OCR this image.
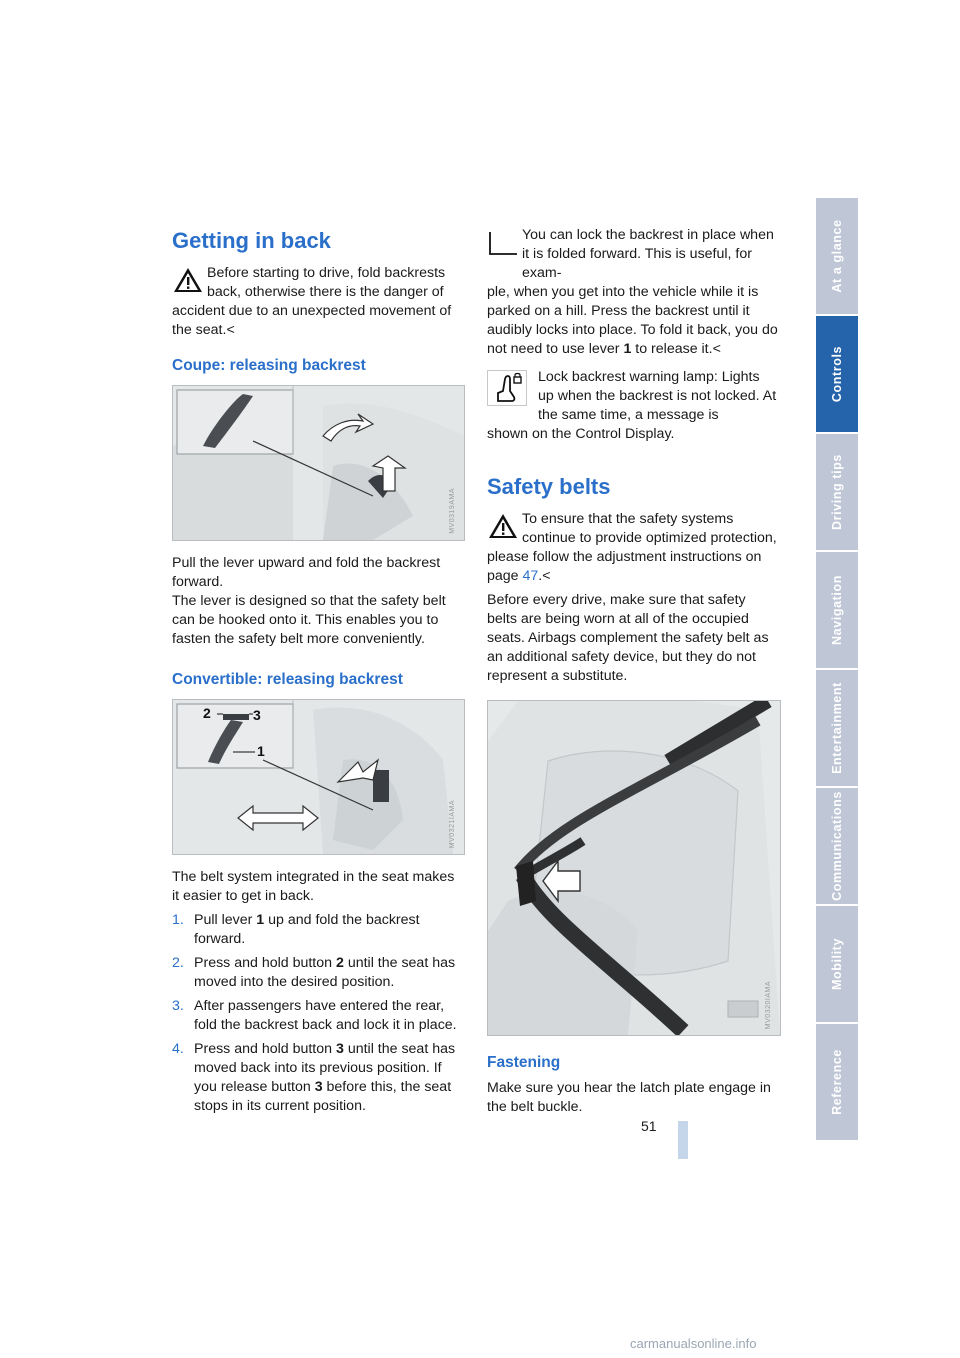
Getting in back

Before starting to drive, fold backrests back, otherwise there is the danger of
accident due to an unexpected movement of the seat.<

Coupe: releasing backrest
MV0319AMA

Pull the lever upward and fold the backrest forward.

The lever is designed so that the safety belt can be hooked onto it. This enables you to fasten the safety belt more conveniently.

Convertible: releasing backrest
2	3
1
MV0321IAMA

The belt system integrated in the seat makes it easier to get in back.

1. Pull lever 1 up and fold the backrest forward.
2. Press and hold button 2 until the seat has moved into the desired position.
3. After passengers have entered the rear, fold the backrest back and lock it in place.
4. Press and hold button 3 until the seat has moved back into its previous position. If you release button 3 before this, the seat stops in its current position.

You can lock the backrest in place when it is folded forward. This is useful, for exam-
ple, when you get into the vehicle while it is parked on a hill. Press the backrest until it audibly locks into place. To fold it back, you do not need to use lever 1 to release it.<

Lock backrest warning lamp: Lights up when the backrest is not locked. At the same time, a message is
shown on the Control Display.

Safety belts

To ensure that the safety systems continue to provide optimized protection,
please follow the adjustment instructions on page 47.<

Before every drive, make sure that safety belts are being worn at all of the occupied seats. Airbags complement the safety belt as an additional safety device, but they do not represent a substitute.

MV0320IAMA
Fastening

Make sure you hear the latch plate engage in the belt buckle.

At a glance
Controls
Driving tips
Navigation
Entertainment
Communications
Mobility
Reference
51
carmanualsonline.info
